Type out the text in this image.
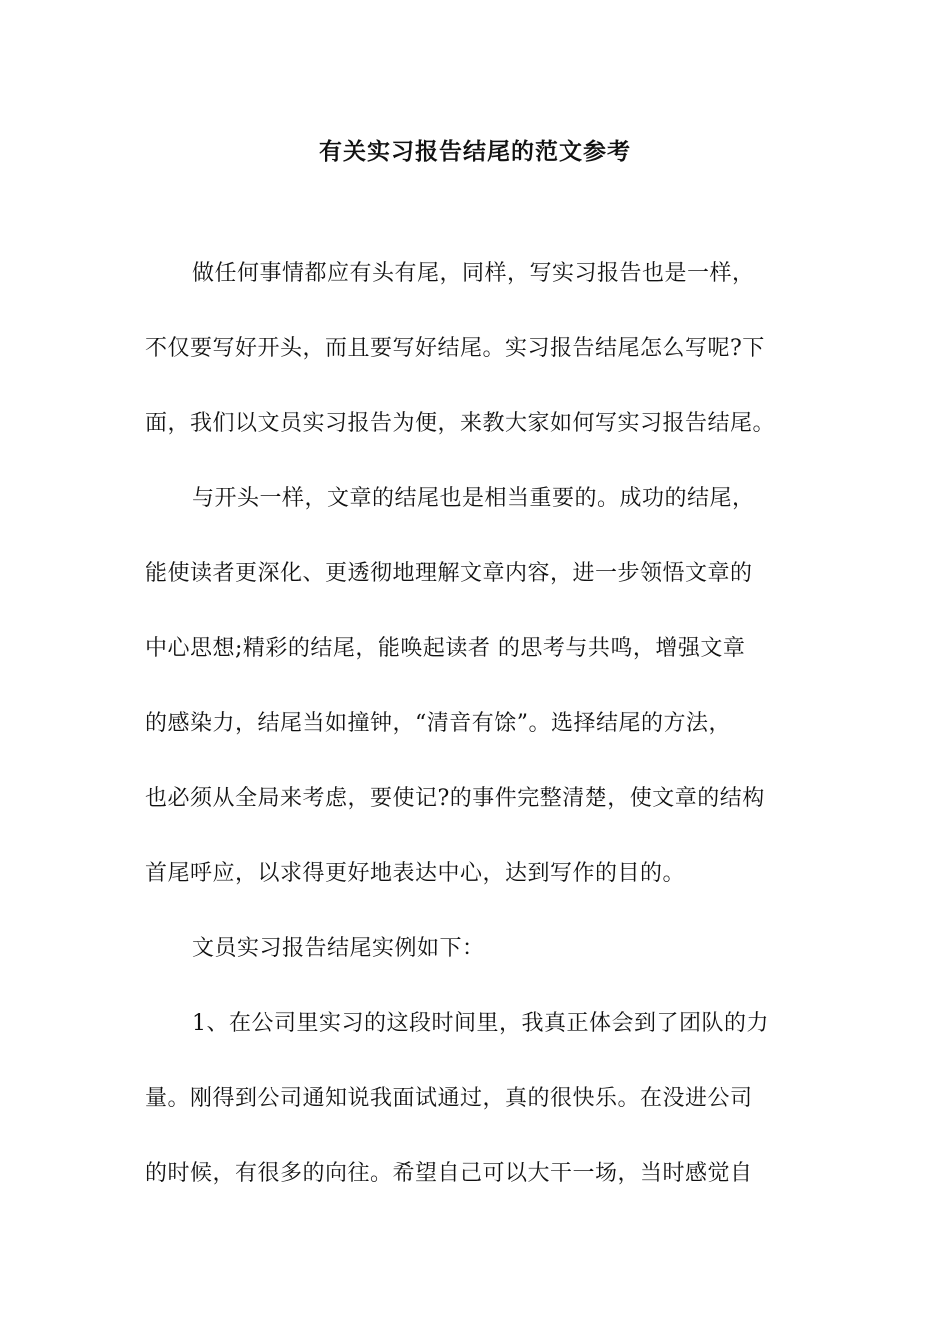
有关实习报告结尾的范文参考
做任何事情都应有头有尾，同样，写实习报告也是一样，
不仅要写好开头，而且要写好结尾。实习报告结尾怎么写呢?下
面，我们以文员实习报告为便，来教大家如何写实习报告结尾。
与开头一样，文章的结尾也是相当重要的。成功的结尾，
能使读者更深化、更透彻地理解文章内容，进一步领悟文章的
中心思想;精彩的结尾，能唤起读者 的思考与共鸣，增强文章
的感染力，结尾当如撞钟，“清音有馀”。选择结尾的方法，
也必须从全局来考虑，要使记?的事件完整清楚，使文章的结构
首尾呼应，以求得更好地表达中心，达到写作的目的。
文员实习报告结尾实例如下：
1、在公司里实习的这段时间里，我真正体会到了团队的力
量。刚得到公司通知说我面试通过，真的很快乐。在没进公司
的时候，有很多的向往。希望自己可以大干一场，当时感觉自
